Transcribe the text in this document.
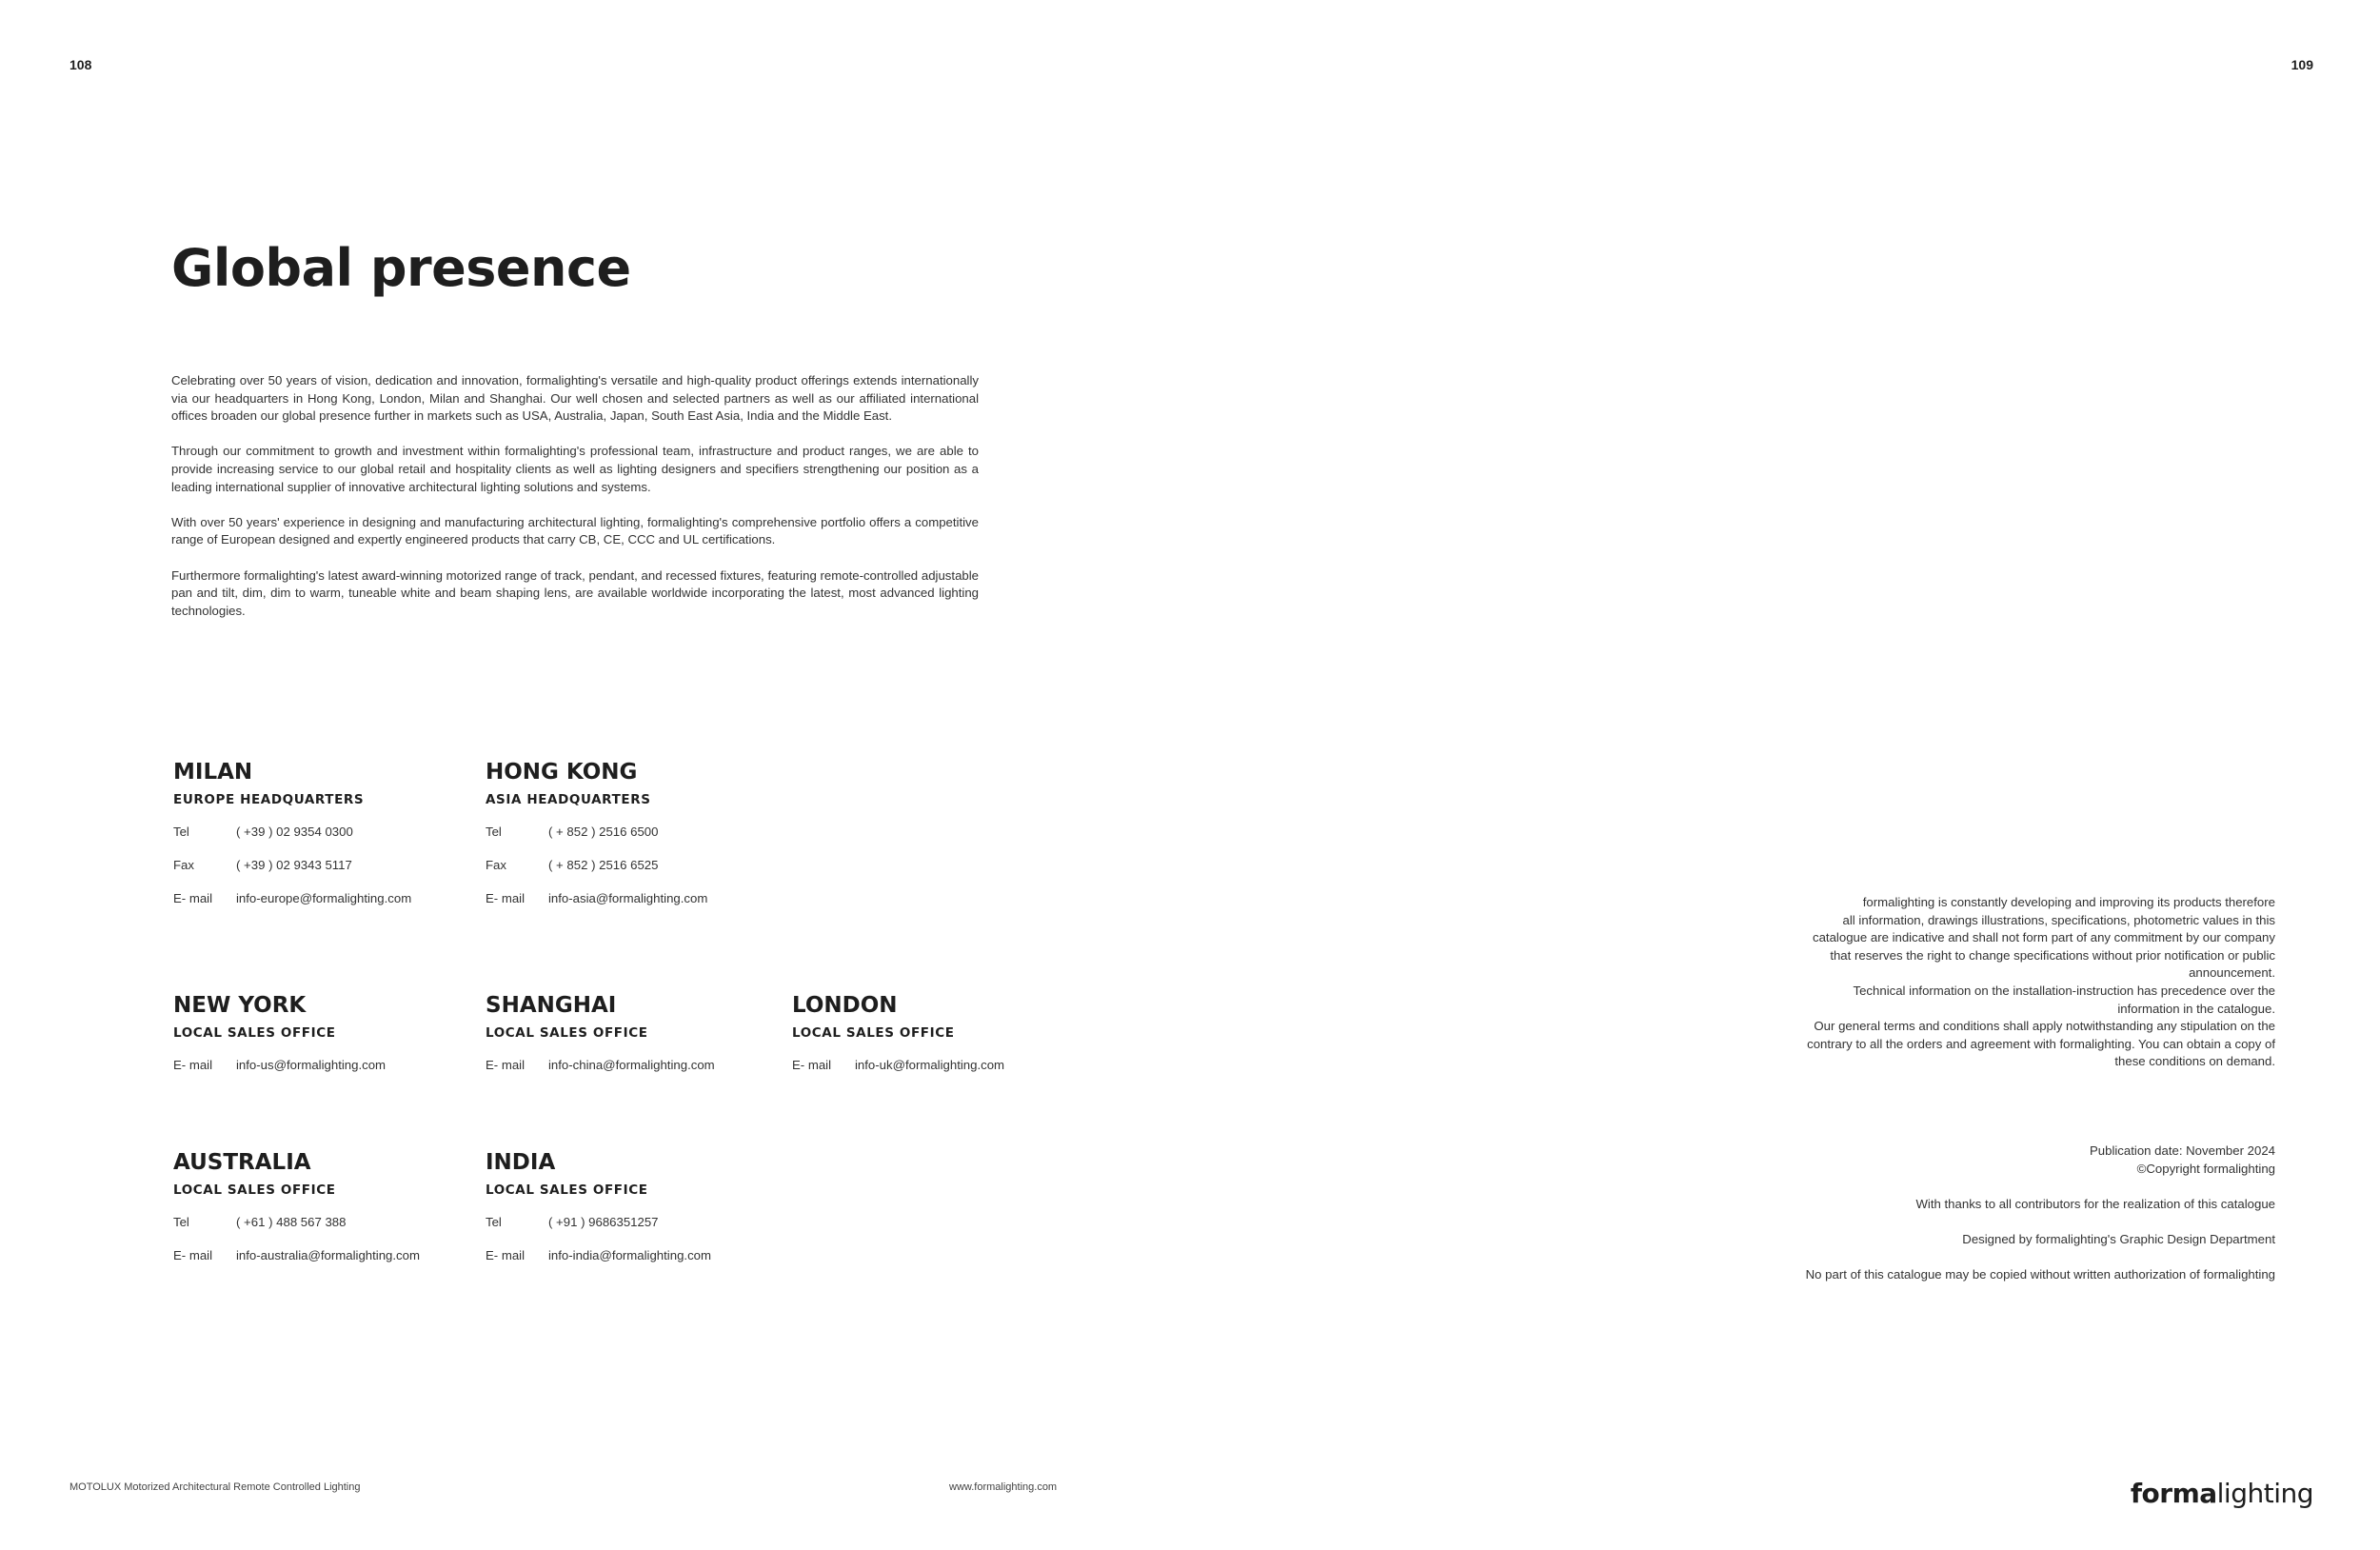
108	109
Global presence

Celebrating over 50 years of vision, dedication and innovation, formalighting's versatile and high-quality product offerings extends internationally via our headquarters in Hong Kong, London, Milan and Shanghai. Our well chosen and selected partners as well as our affiliated international offices broaden our global presence further in markets such as USA, Australia, Japan, South East Asia, India and the Middle East.

Through our commitment to growth and investment within formalighting's professional team, infrastructure and product ranges, we are able to provide increasing service to our global retail and hospitality clients as well as lighting designers and specifiers strengthening our position as a leading international supplier of innovative architectural lighting solutions and systems.

With over 50 years' experience in designing and manufacturing architectural lighting, formalighting's comprehensive portfolio offers a competitive range of European designed and expertly engineered products that carry CB, CE, CCC and UL certifications.

Furthermore formalighting's latest award-winning motorized range of track, pendant, and recessed fixtures, featuring remote-controlled adjustable pan and tilt, dim, dim to warm, tuneable white and beam shaping lens, are available worldwide incorporating the latest, most advanced lighting technologies.

MILAN
EUROPE HEADQUARTERS
Tel	( +39 ) 02 9354 0300
Fax	( +39 ) 02 9343 5117
E- mail	info-europe@formalighting.com
HONG KONG
ASIA HEADQUARTERS
Tel	( + 852 ) 2516 6500
Fax	( + 852 ) 2516 6525
E- mail	info-asia@formalighting.com
NEW YORK
LOCAL SALES OFFICE
E- mail	info-us@formalighting.com
SHANGHAI
LOCAL SALES OFFICE
E- mail	info-china@formalighting.com
LONDON
LOCAL SALES OFFICE
E- mail	info-uk@formalighting.com
AUSTRALIA
LOCAL SALES OFFICE
Tel	( +61 ) 488 567 388
E- mail	info-australia@formalighting.com
INDIA
LOCAL SALES OFFICE
Tel	( +91 ) 9686351257
E- mail	info-india@formalighting.com

formalighting is constantly developing and improving its products therefore

all information, drawings illustrations, specifications, photometric values in this

catalogue are indicative and shall not form part of any commitment by our company

that reserves the right to change specifications without prior notification or public

announcement.

Technical information on the installation-instruction has precedence over the

information in the catalogue.

Our general terms and conditions shall apply notwithstanding any stipulation on the

contrary to all the orders and agreement with formalighting. You can obtain a copy of

these conditions on demand.

Publication date: November 2024

©Copyright formalighting

With thanks to all contributors for the realization of this catalogue

Designed by formalighting's Graphic Design Department

No part of this catalogue may be copied without written authorization of formalighting

MOTOLUX Motorized Architectural Remote Controlled Lighting	www.formalighting.com	formalighting
